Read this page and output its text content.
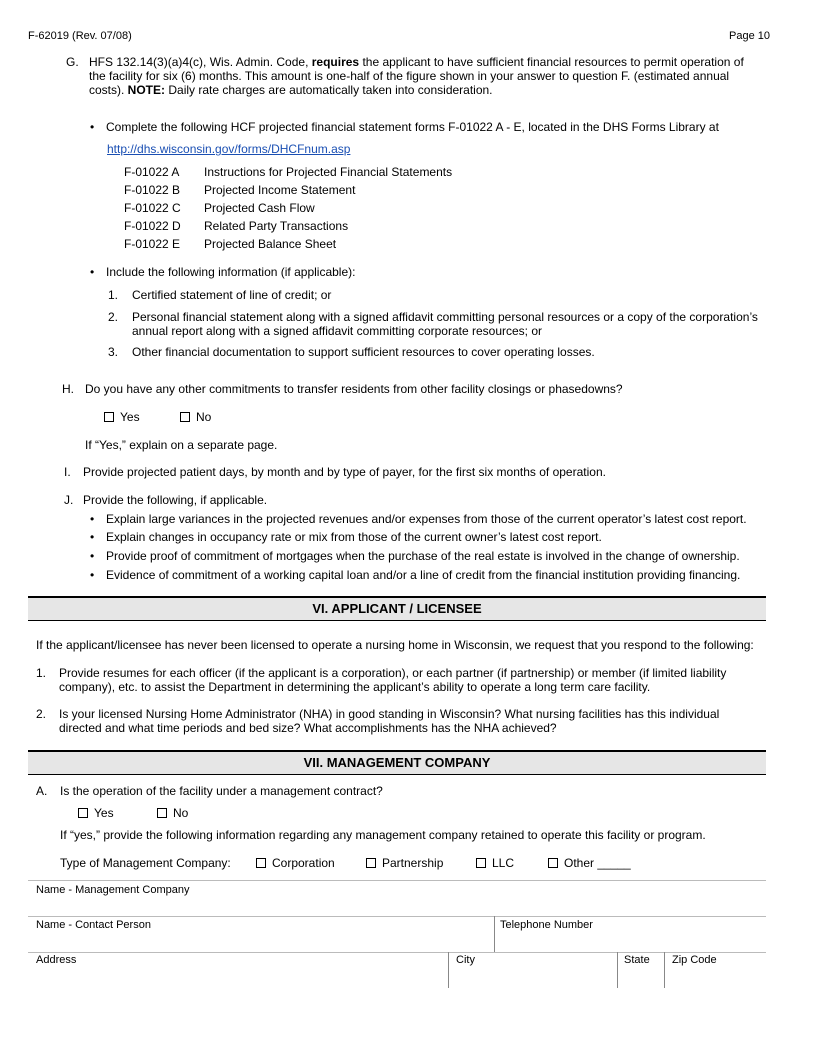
F-62019 (Rev. 07/08)	Page 10
G. HFS 132.14(3)(a)4(c), Wis. Admin. Code, requires the applicant to have sufficient financial resources to permit operation of
the facility for six (6) months. This amount is one-half of the figure shown in your answer to question F. (estimated annual
costs). NOTE: Daily rate charges are automatically taken into consideration.
• Complete the following HCF projected financial statement forms F-01022 A - E, located in the DHS Forms Library at
http://dhs.wisconsin.gov/forms/DHCFnum.asp
F-01022 A Instructions for Projected Financial Statements
F-01022 B Projected Income Statement
F-01022 C Projected Cash Flow
F-01022 D Related Party Transactions
F-01022 E Projected Balance Sheet
• Include the following information (if applicable):
1. Certified statement of line of credit; or
2. Personal financial statement along with a signed affidavit committing personal resources or a copy of the corporation’s
annual report along with a signed affidavit committing corporate resources; or
3. Other financial documentation to support sufficient resources to cover operating losses.
H. Do you have any other commitments to transfer residents from other facility closings or phasedowns?
Yes	No
If “Yes,” explain on a separate page.
I. Provide projected patient days, by month and by type of payer, for the first six months of operation.
J. Provide the following, if applicable.
• Explain large variances in the projected revenues and/or expenses from those of the current operator’s latest cost report.
• Explain changes in occupancy rate or mix from those of the current owner’s latest cost report.
• Provide proof of commitment of mortgages when the purchase of the real estate is involved in the change of ownership.
• Evidence of commitment of a working capital loan and/or a line of credit from the financial institution providing financing.
VI. APPLICANT / LICENSEE
If the applicant/licensee has never been licensed to operate a nursing home in Wisconsin, we request that you respond to the following:
1. Provide resumes for each officer (if the applicant is a corporation), or each partner (if partnership) or member (if limited liability
company), etc. to assist the Department in determining the applicant’s ability to operate a long term care facility.
2. Is your licensed Nursing Home Administrator (NHA) in good standing in Wisconsin? What nursing facilities has this individual
directed and what time periods and bed size? What accomplishments has the NHA achieved?
VII. MANAGEMENT COMPANY
A. Is the operation of the facility under a management contract?
Yes	No
If “yes,” provide the following information regarding any management company retained to operate this facility or program.
Type of Management Company:	Corporation	Partnership	LLC	Other _____
Name - Management Company
Name - Contact Person	Telephone Number
Address	City	State Zip Code
